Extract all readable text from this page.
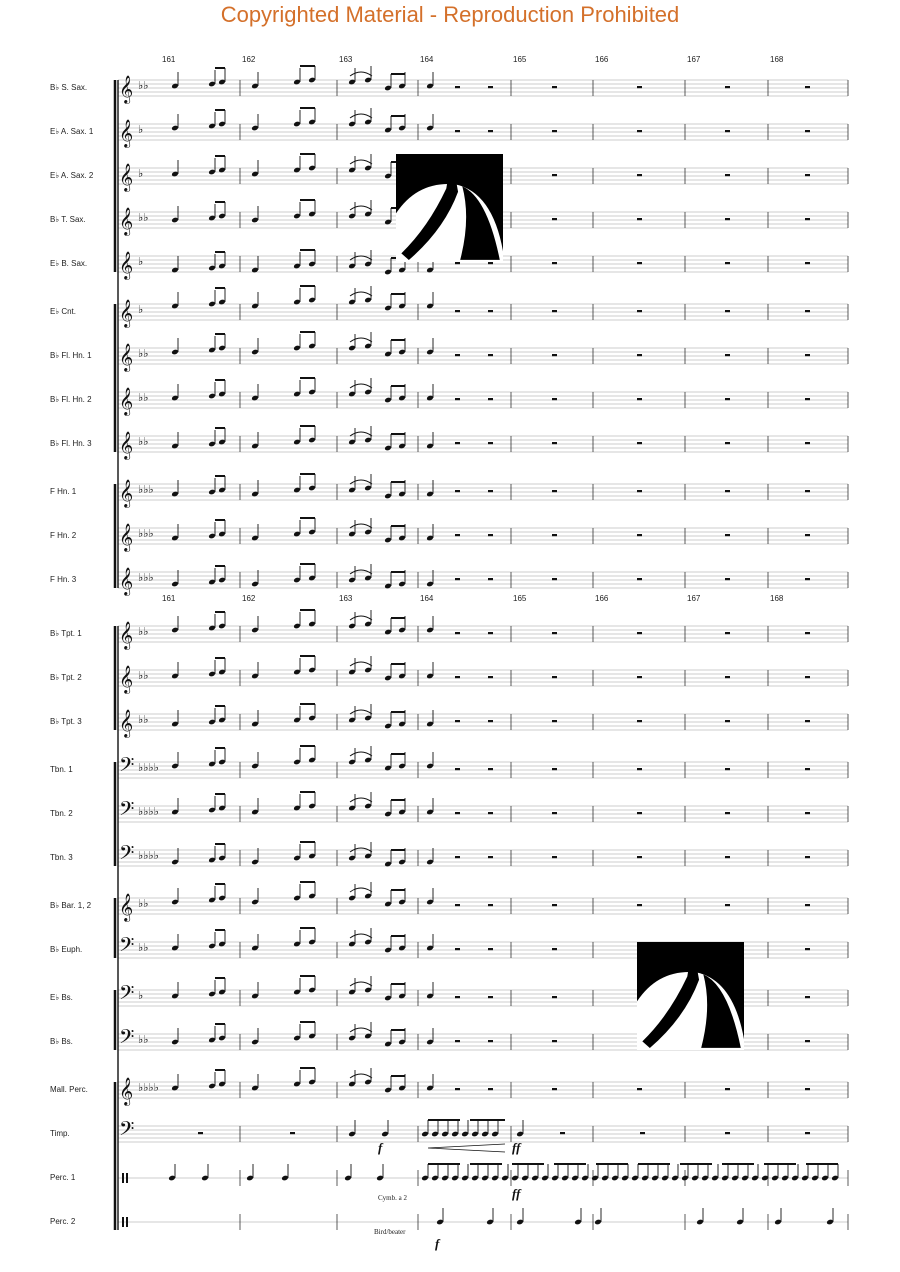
Copyrighted Material - Reproduction Prohibited
B♭ S. Sax.
E♭ A. Sax. 1
E♭ A. Sax. 2
B♭ T. Sax.
E♭ B. Sax.
E♭ Cnt.
B♭ Fl. Hn. 1
B♭ Fl. Hn. 2
B♭ Fl. Hn. 3
F Hn. 1
F Hn. 2
F Hn. 3
B♭ Tpt. 1
B♭ Tpt. 2
B♭ Tpt. 3
Tbn. 1
Tbn. 2
Tbn. 3
B♭ Bar. 1, 2
B♭ Euph.
E♭ Bs.
B♭ Bs.
Mall. Perc.
Timp.
Perc. 1
Perc. 2
161	162	163	164	165	166	167	168
161	162	163	164	165	166	167	168
𝄞 ♭♭
𝄞 ♭
𝄞 ♭
𝄞 ♭♭
𝄞 ♭
𝄞 ♭
𝄞 ♭♭
𝄞 ♭♭
𝄞 ♭♭
𝄞 ♭♭♭
𝄞 ♭♭♭
𝄞 ♭♭♭
𝄞 ♭♭
𝄞 ♭♭
𝄞 ♭♭
𝄢 ♭♭♭♭
𝄢 ♭♭♭♭
𝄢 ♭♭♭♭
𝄞 ♭♭
𝄢 ♭♭
𝄢 ♭
𝄢 ♭♭
𝄞 ♭♭♭♭
𝄢
f	ff
ff
Cymb. a 2
Bird/beater
f
